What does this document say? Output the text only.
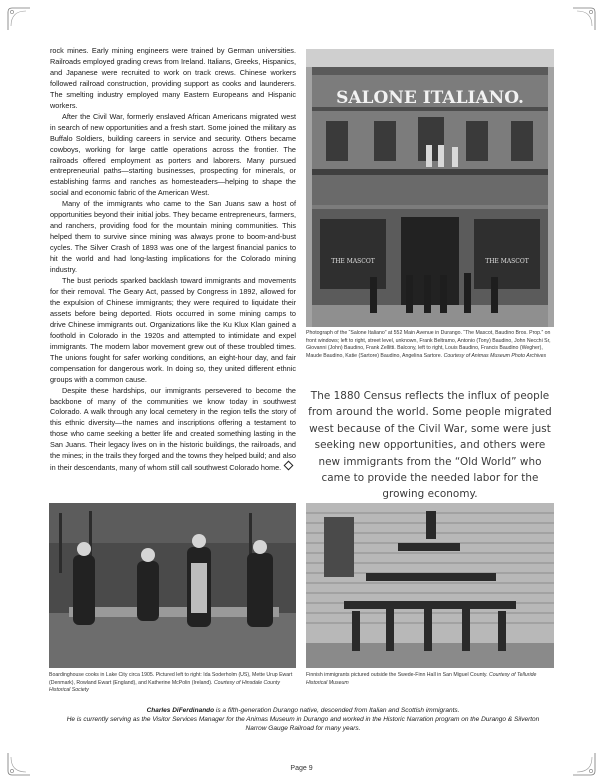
rock mines. Early mining engineers were trained by German universities. Railroads employed grading crews from Ireland. Italians, Greeks, Hispanics, and Japanese were recruited to work on track crews. Chinese workers followed railroad construction, providing support as cooks and launderers. The smelting industry employed many Eastern Europeans and Hispanic workers.

After the Civil War, formerly enslaved African Americans migrated west in search of new opportunities and a fresh start. Some joined the military as Buffalo Soldiers, building careers in service and security. Others became cowboys, working for large cattle operations across the frontier. The railroads offered employment as porters and laborers. Many pursued entrepreneurial paths—starting businesses, prospecting for minerals, or establishing farms and ranches as homesteaders—helping to shape the social and economic fabric of the American West.

Many of the immigrants who came to the San Juans saw a host of opportunities beyond their initial jobs. They became entrepreneurs, farmers, and ranchers, providing food for the mountain mining communities. This helped them to survive since mining was always prone to boom-and-bust cycles. The Silver Crash of 1893 was one of the largest financial panics to hit the world and had long-lasting implications for the Colorado mining industry.

The bust periods sparked backlash toward immigrants and movements for their removal. The Geary Act, passed by Congress in 1892, allowed for the expulsion of Chinese immigrants; they were required to liquidate their assets before being deported. Riots occurred in some mining camps to drive Chinese immigrants out. Organizations like the Ku Klux Klan gained a foothold in Colorado in the 1920s and attempted to intimidate and expel immigrants. The modern labor movement grew out of these troubled times. The unions fought for safer working conditions, an eight-hour day, and fair compensation for dangerous work. In doing so, they united different ethnic groups with a common cause.

Despite these hardships, our immigrants persevered to become the backbone of many of the communities we know today in southwest Colorado. A walk through any local cemetery in the region tells the story of this ethnic diversity—the names and inscriptions offering a testament to those who came seeking a better life and created something lasting in the San Juans. Their legacy lives on in the historic buildings, the railroads, and the mines; in the trails they forged and the towns they helped build; and also in their descendants, many of whom still call southwest Colorado home.

SALONE ITALIANO.
THE MASCOT	THE MASCOT
Photograph of the “Salone Italiano” at 552 Main Avenue in Durango. “The Mascot, Baudino Bros. Prop.” on front windows; left to right, street level, unknown, Frank Beltramo, Antonio (Tony) Baudino, John Necchi Sr, Giovanni (John) Baudino, Frank Zellitti. Balcony, left to right, Louis Baudino, Francis Baudino (Wegher), Maude Baudino, Katie (Sartore) Baudino, Angelina Sartore. Courtesy of Animas Museum Photo Archives
The 1880 Census reflects the influx of people from around the world. Some people migrated west because of the Civil War, some were just seeking new opportunities, and others were new immigrants from the “Old World” who came to provide the needed labor for the growing economy.
Boardinghouse cooks in Lake City circa 1905. Pictured left to right: Ida Soderholm (US), Mette Urup Ewart (Denmark), Rowland Ewart (England), and Katherine McPolin (Ireland). Courtesy of Hinsdale County Historical Society
Finnish immigrants pictured outside the Swede-Finn Hall in San Miguel County. Courtesy of Telluride Historical Museum
Charles DiFerdinando is a fifth-generation Durango native, descended from Italian and Scottish immigrants.
He is currently serving as the Visitor Services Manager for the Animas Museum in Durango and worked in the Historic Narration program on the Durango & Silverton Narrow Gauge Railroad for many years.
Page 9
